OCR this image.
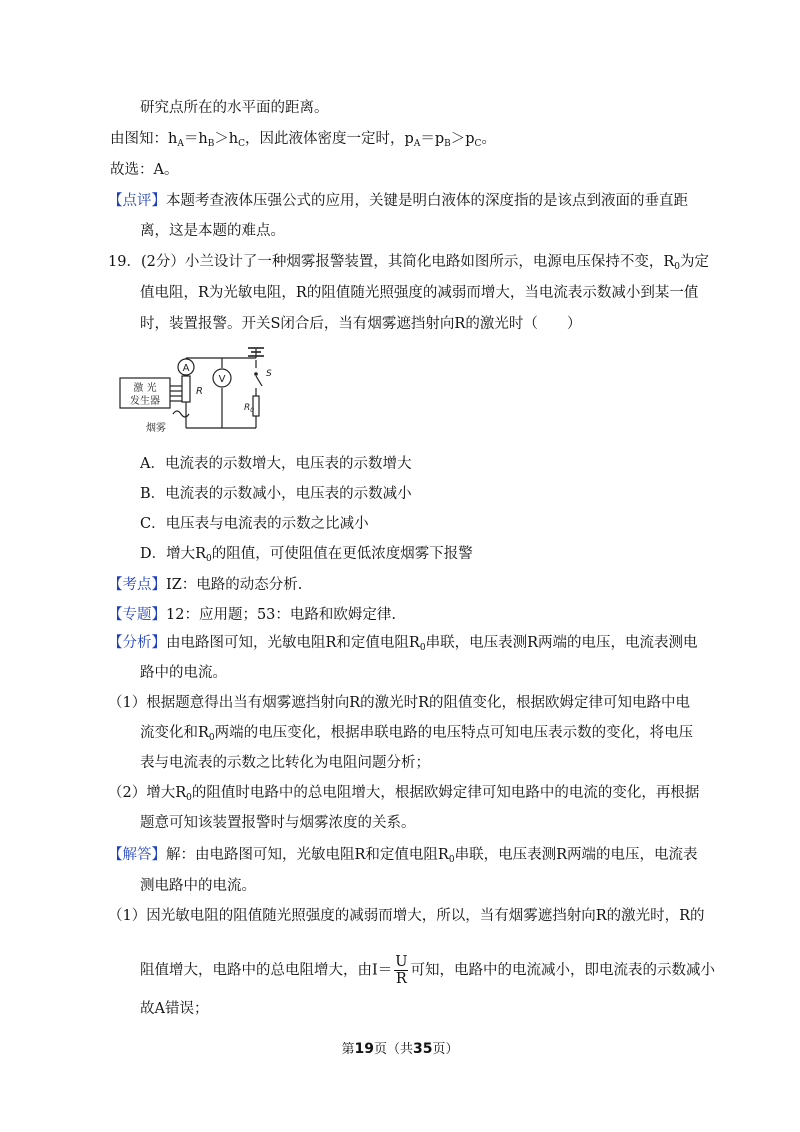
研究点所在的水平面的距离。
由图知：$h_A=h_B>h_C$，因此液体密度一定时，$p_A=p_B>p_C$。
故选：A。
【点评】本题考查液体压强公式的应用，关键是明白液体的深度指的是该点到液面的垂直距
离，这是本题的难点。
19．(2分）小兰设计了一种烟雾报警装置，其简化电路如图所示，电源电压保持不变，$R_0$为定
值电阻，R为光敏电阻，R的阻值随光照强度的减弱而增大，当电流表示数减小到某一值
时，装置报警。开关S闭合后，当有烟雾遮挡射向R的激光时（　　）
A
V
R
$R_0$
S
激 光
发生器
烟雾
A．电流表的示数增大，电压表的示数增大
B．电流表的示数减小，电压表的示数减小
C．电压表与电流表的示数之比减小
D．增大$R_0$的阻值，可使阻值在更低浓度烟雾下报警
【考点】IZ：电路的动态分析.
【专题】12：应用题；53：电路和欧姆定律.
【分析】由电路图可知，光敏电阻R和定值电阻$R_0$串联，电压表测R两端的电压，电流表测电
路中的电流。
（1）根据题意得出当有烟雾遮挡射向R的激光时R的阻值变化，根据欧姆定律可知电路中电
流变化和$R_0$两端的电压变化，根据串联电路的电压特点可知电压表示数的变化，将电压
表与电流表的示数之比转化为电阻问题分析；
（2）增大$R_0$的阻值时电路中的总电阻增大，根据欧姆定律可知电路中的电流的变化，再根据
题意可知该装置报警时与烟雾浓度的关系。
【解答】解：由电路图可知，光敏电阻R和定值电阻$R_0$串联，电压表测R两端的电压，电流表
测电路中的电流。
（1）因光敏电阻的阻值随光照强度的减弱而增大，所以，当有烟雾遮挡射向R的激光时，R的
阻值增大，电路中的总电阻增大，由$I= \frac{U}{R}$ 可知，电路中的电流减小，即电流表的示数减小
故A错误；
第19页（共35页）
